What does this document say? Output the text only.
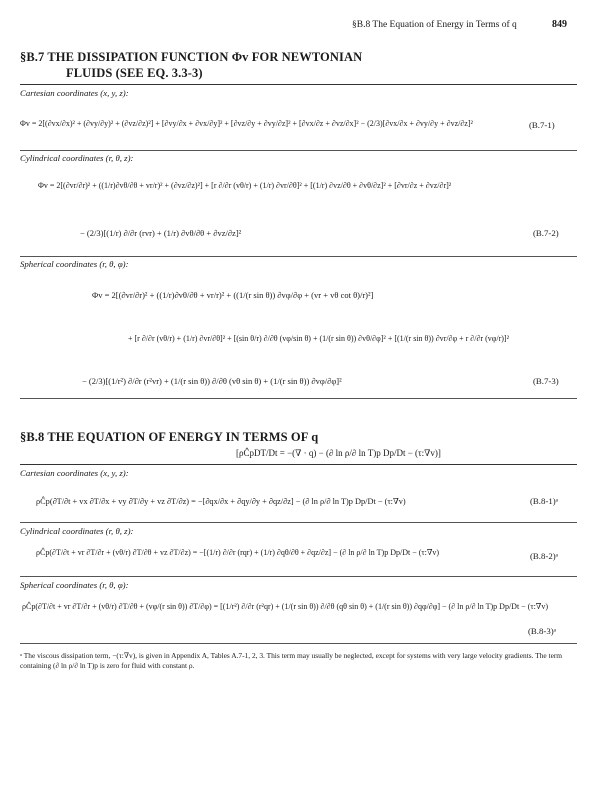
§B.8 The Equation of Energy in Terms of q	849
§B.7 THE DISSIPATION FUNCTION Φv FOR NEWTONIAN
FLUIDS (SEE EQ. 3.3-3)
Cartesian coordinates (x, y, z):
Φv = 2[(∂vx/∂x)² + (∂vy/∂y)² + (∂vz/∂z)²] + [∂vy/∂x + ∂vx/∂y]² + [∂vz/∂y + ∂vy/∂z]² + [∂vx/∂z + ∂vz/∂x]² − (2/3)[∂vx/∂x + ∂vy/∂y + ∂vz/∂z]²	(B.7-1)
Cylindrical coordinates (r, θ, z):
Φv = 2[(∂vr/∂r)² + ((1/r)∂vθ/∂θ + vr/r)² + (∂vz/∂z)²] + [r ∂/∂r (vθ/r) + (1/r) ∂vr/∂θ]² + [(1/r) ∂vz/∂θ + ∂vθ/∂z]² + [∂vr/∂z + ∂vz/∂r]²
− (2/3)[(1/r) ∂/∂r (rvr) + (1/r) ∂vθ/∂θ + ∂vz/∂z]²	(B.7-2)
Spherical coordinates (r, θ, φ):
Φv = 2[(∂vr/∂r)² + ((1/r)∂vθ/∂θ + vr/r)² + ((1/(r sin θ)) ∂vφ/∂φ + (vr + vθ cot θ)/r)²]
+ [r ∂/∂r (vθ/r) + (1/r) ∂vr/∂θ]² + [(sin θ/r) ∂/∂θ (vφ/sin θ) + (1/(r sin θ)) ∂vθ/∂φ]² + [(1/(r sin θ)) ∂vr/∂φ + r ∂/∂r (vφ/r)]²
− (2/3)[(1/r²) ∂/∂r (r²vr) + (1/(r sin θ)) ∂/∂θ (vθ sin θ) + (1/(r sin θ)) ∂vφ/∂φ]²	(B.7-3)
§B.8 THE EQUATION OF ENERGY IN TERMS OF q
[ρĈpDT/Dt = −(∇ · q) − (∂ ln ρ/∂ ln T)p Dp/Dt − (τ:∇v)]
Cartesian coordinates (x, y, z):
ρĈp(∂T/∂t + vx ∂T/∂x + vy ∂T/∂y + vz ∂T/∂z) = −[∂qx/∂x + ∂qy/∂y + ∂qz/∂z] − (∂ ln ρ/∂ ln T)p Dp/Dt − (τ:∇v)	(B.8-1)ᵃ
Cylindrical coordinates (r, θ, z):
ρĈp(∂T/∂t + vr ∂T/∂r + (vθ/r) ∂T/∂θ + vz ∂T/∂z) = −[(1/r) ∂/∂r (rqr) + (1/r) ∂qθ/∂θ + ∂qz/∂z] − (∂ ln ρ/∂ ln T)p Dp/Dt − (τ:∇v)	(B.8-2)ᵃ
Spherical coordinates (r, θ, φ):
ρĈp(∂T/∂t + vr ∂T/∂r + (vθ/r) ∂T/∂θ + (vφ/(r sin θ)) ∂T/∂φ) = [(1/r²) ∂/∂r (r²qr) + (1/(r sin θ)) ∂/∂θ (qθ sin θ) + (1/(r sin θ)) ∂qφ/∂φ] − (∂ ln ρ/∂ ln T)p Dp/Dt − (τ:∇v)
(B.8-3)ᵃ
ᵃ The viscous dissipation term, −(τ:∇v), is given in Appendix A, Tables A.7-1, 2, 3. This term may usually be neglected, except for systems with very large velocity gradients. The term containing (∂ ln ρ/∂ ln T)p is zero for fluid with constant ρ.
